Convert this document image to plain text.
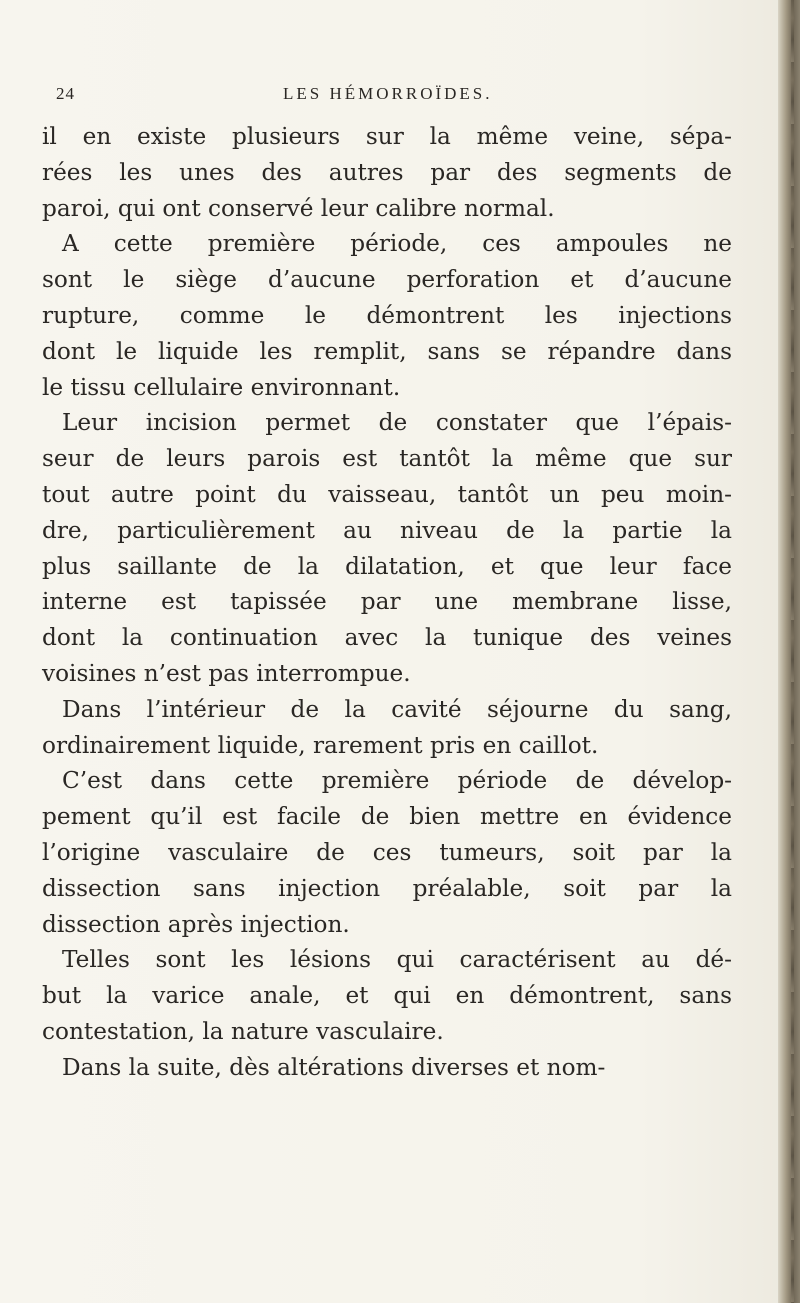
24	LES HÉMORROÏDES.
il en existe plusieurs sur la même veine, sépa-
rées les unes des autres par des segments de
paroi, qui ont conservé leur calibre normal.
A cette première période, ces ampoules ne
sont le siège d’aucune perforation et d’aucune
rupture, comme le démontrent les injections
dont le liquide les remplit, sans se répandre dans
le tissu cellulaire environnant.
Leur incision permet de constater que l’épais-
seur de leurs parois est tantôt la même que sur
tout autre point du vaisseau, tantôt un peu moin-
dre, particulièrement au niveau de la partie la
plus saillante de la dilatation, et que leur face
interne est tapissée par une membrane lisse,
dont la continuation avec la tunique des veines
voisines n’est pas interrompue.
Dans l’intérieur de la cavité séjourne du sang,
ordinairement liquide, rarement pris en caillot.
C’est dans cette première période de dévelop-
pement qu’il est facile de bien mettre en évidence
l’origine vasculaire de ces tumeurs, soit par la
dissection sans injection préalable, soit par la
dissection après injection.
Telles sont les lésions qui caractérisent au dé-
but la varice anale, et qui en démontrent, sans
contestation, la nature vasculaire.
Dans la suite, dès altérations diverses et nom-
